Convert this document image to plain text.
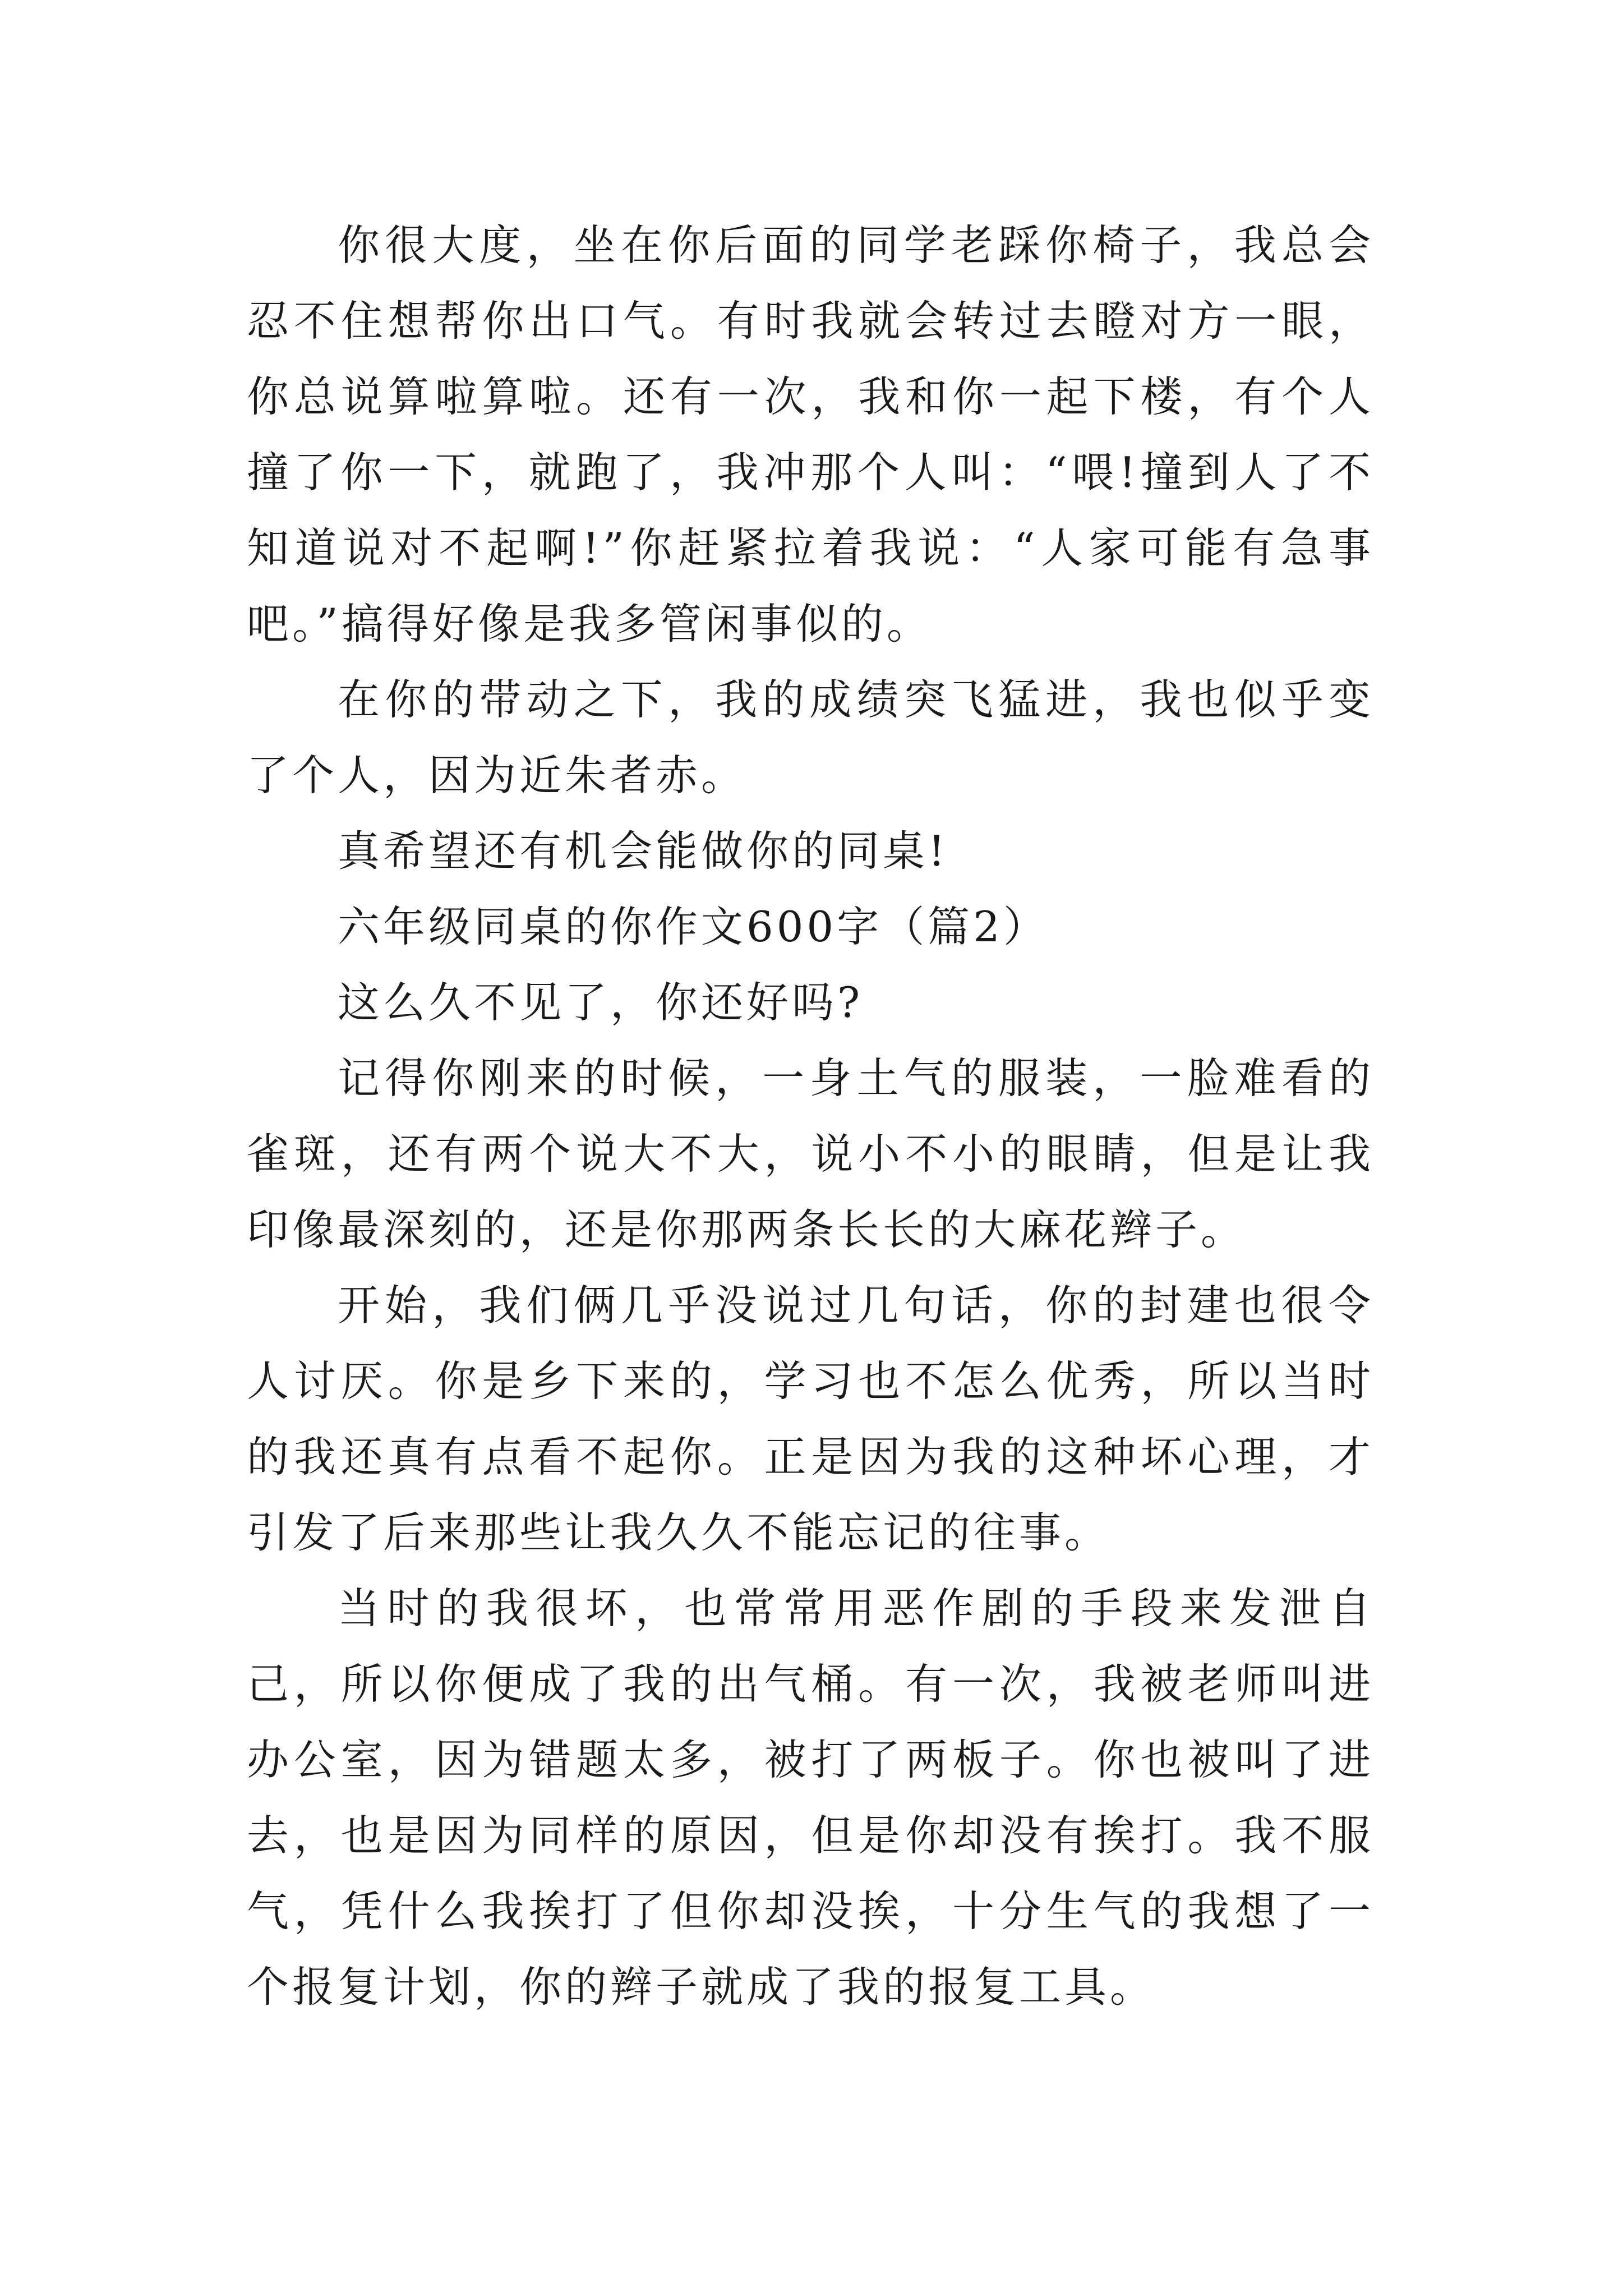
你很大度，坐在你后面的同学老踩你椅子，我总会忍不住想帮你出口气。有时我就会转过去瞪对方一眼，你总说算啦算啦。还有一次，我和你一起下楼，有个人撞了你一下，就跑了，我冲那个人叫：“喂!撞到人了不知道说对不起啊!”你赶紧拉着我说：“人家可能有急事吧。”搞得好像是我多管闲事似的。

在你的带动之下，我的成绩突飞猛进，我也似乎变了个人，因为近朱者赤。

真希望还有机会能做你的同桌!

六年级同桌的你作文600字（篇2）

这么久不见了，你还好吗?

记得你刚来的时候，一身土气的服装，一脸难看的雀斑，还有两个说大不大，说小不小的眼睛，但是让我印像最深刻的，还是你那两条长长的大麻花辫子。

开始，我们俩几乎没说过几句话，你的封建也很令人讨厌。你是乡下来的，学习也不怎么优秀，所以当时的我还真有点看不起你。正是因为我的这种坏心理，才引发了后来那些让我久久不能忘记的往事。

当时的我很坏，也常常用恶作剧的手段来发泄自己，所以你便成了我的出气桶。有一次，我被老师叫进办公室，因为错题太多，被打了两板子。你也被叫了进去，也是因为同样的原因，但是你却没有挨打。我不服气，凭什么我挨打了但你却没挨，十分生气的我想了一个报复计划，你的辫子就成了我的报复工具。
